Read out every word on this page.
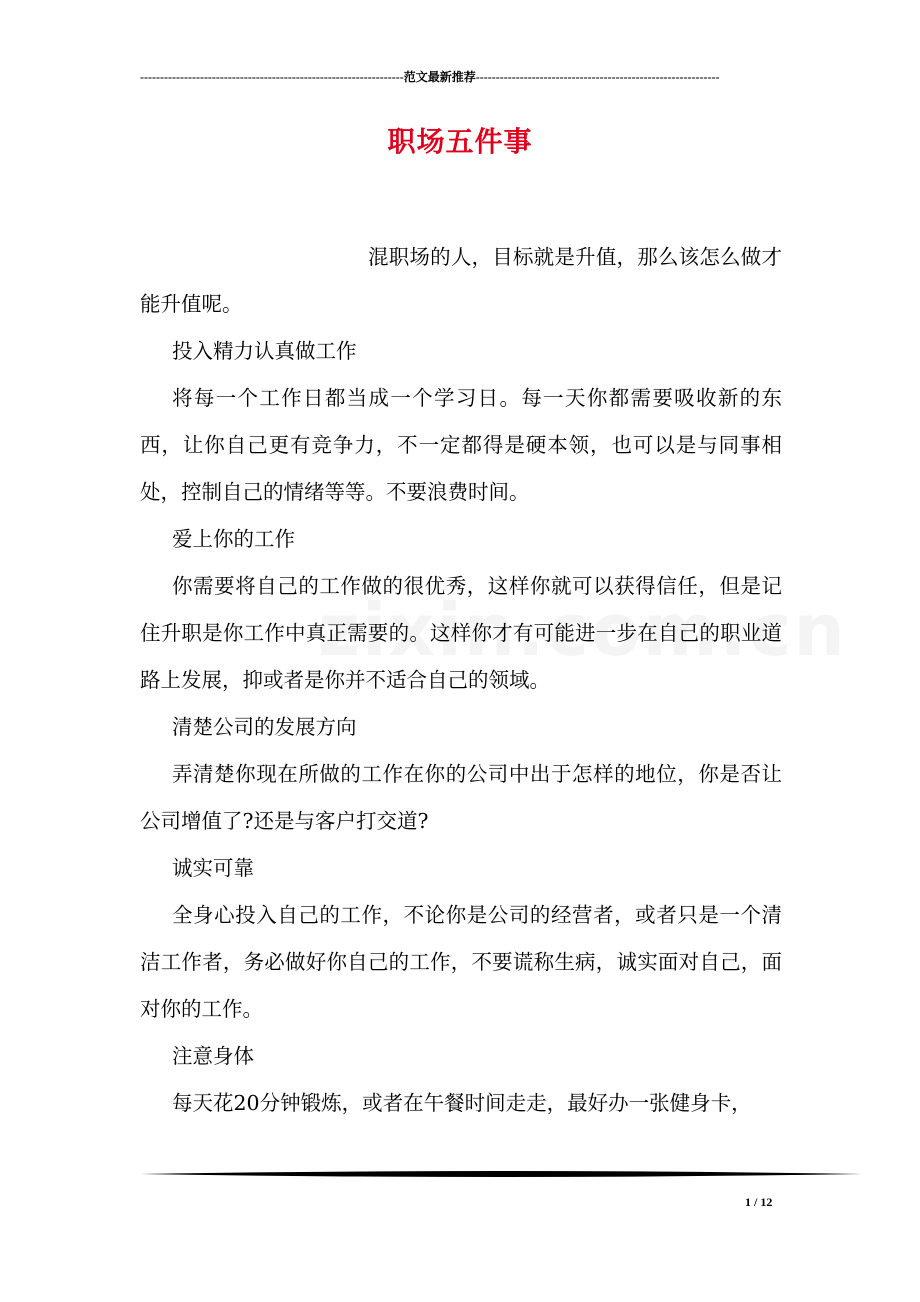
------------------------------------------------------------------范文最新推荐-------------------------------------------------------------
职场五件事

混职场的人，目标就是升值，那么该怎么做才能升值呢。

投入精力认真做工作

将每一个工作日都当成一个学习日。每一天你都需要吸收新的东西，让你自己更有竞争力，不一定都得是硬本领，也可以是与同事相处，控制自己的情绪等等。不要浪费时间。

爱上你的工作

你需要将自己的工作做的很优秀，这样你就可以获得信任，但是记住升职是你工作中真正需要的。这样你才有可能进一步在自己的职业道路上发展，抑或者是你并不适合自己的领域。

清楚公司的发展方向

弄清楚你现在所做的工作在你的公司中出于怎样的地位，你是否让公司增值了?还是与客户打交道?

诚实可靠

全身心投入自己的工作，不论你是公司的经营者，或者只是一个清洁工作者，务必做好你自己的工作，不要谎称生病，诚实面对自己，面对你的工作。

注意身体

每天花20分钟锻炼，或者在午餐时间走走，最好办一张健身卡，

1 / 12
